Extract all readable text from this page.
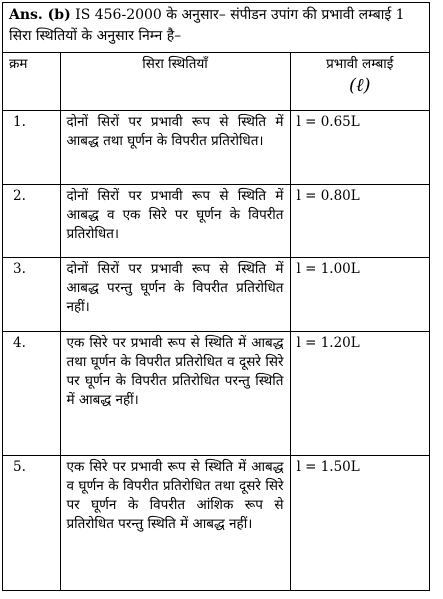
Ans. (b) IS 456-2000 के अनुसार– संपीडन उपांग की प्रभावी लम्बाई 1 सिरा स्थितियों के अनुसार निम्न है–
क्रम	सिरा स्थितियाँ	प्रभावी लम्बाई
(ℓ)
1.	दोनों सिरों पर प्रभावी रूप से स्थिति में आबद्ध तथा घूर्णन के विपरीत प्रतिरोधित।	l = 0.65L
2.	दोनों सिरों पर प्रभावी रूप से स्थिति में आबद्ध व एक सिरे पर घूर्णन के विपरीत प्रतिरोधित।	l = 0.80L
3.	दोनों सिरों पर प्रभावी रूप से स्थिति में आबद्ध परन्तु घूर्णन के विपरीत प्रतिरोधित नहीं।	l = 1.00L
4.	एक सिरे पर प्रभावी रूप से स्थिति में आबद्ध तथा घूर्णन के विपरीत प्रतिरोधित व दूसरे सिरे पर घूर्णन के विपरीत प्रतिरोधित परन्तु स्थिति में आबद्ध नहीं।	l = 1.20L
5.	एक सिरे पर प्रभावी रूप से स्थिति में आबद्ध व घूर्णन के विपरीत प्रतिरोधित तथा दूसरे सिरे पर घूर्णन के विपरीत आंशिक रूप से प्रतिरोधित परन्तु स्थिति में आबद्ध नहीं।	l = 1.50L
